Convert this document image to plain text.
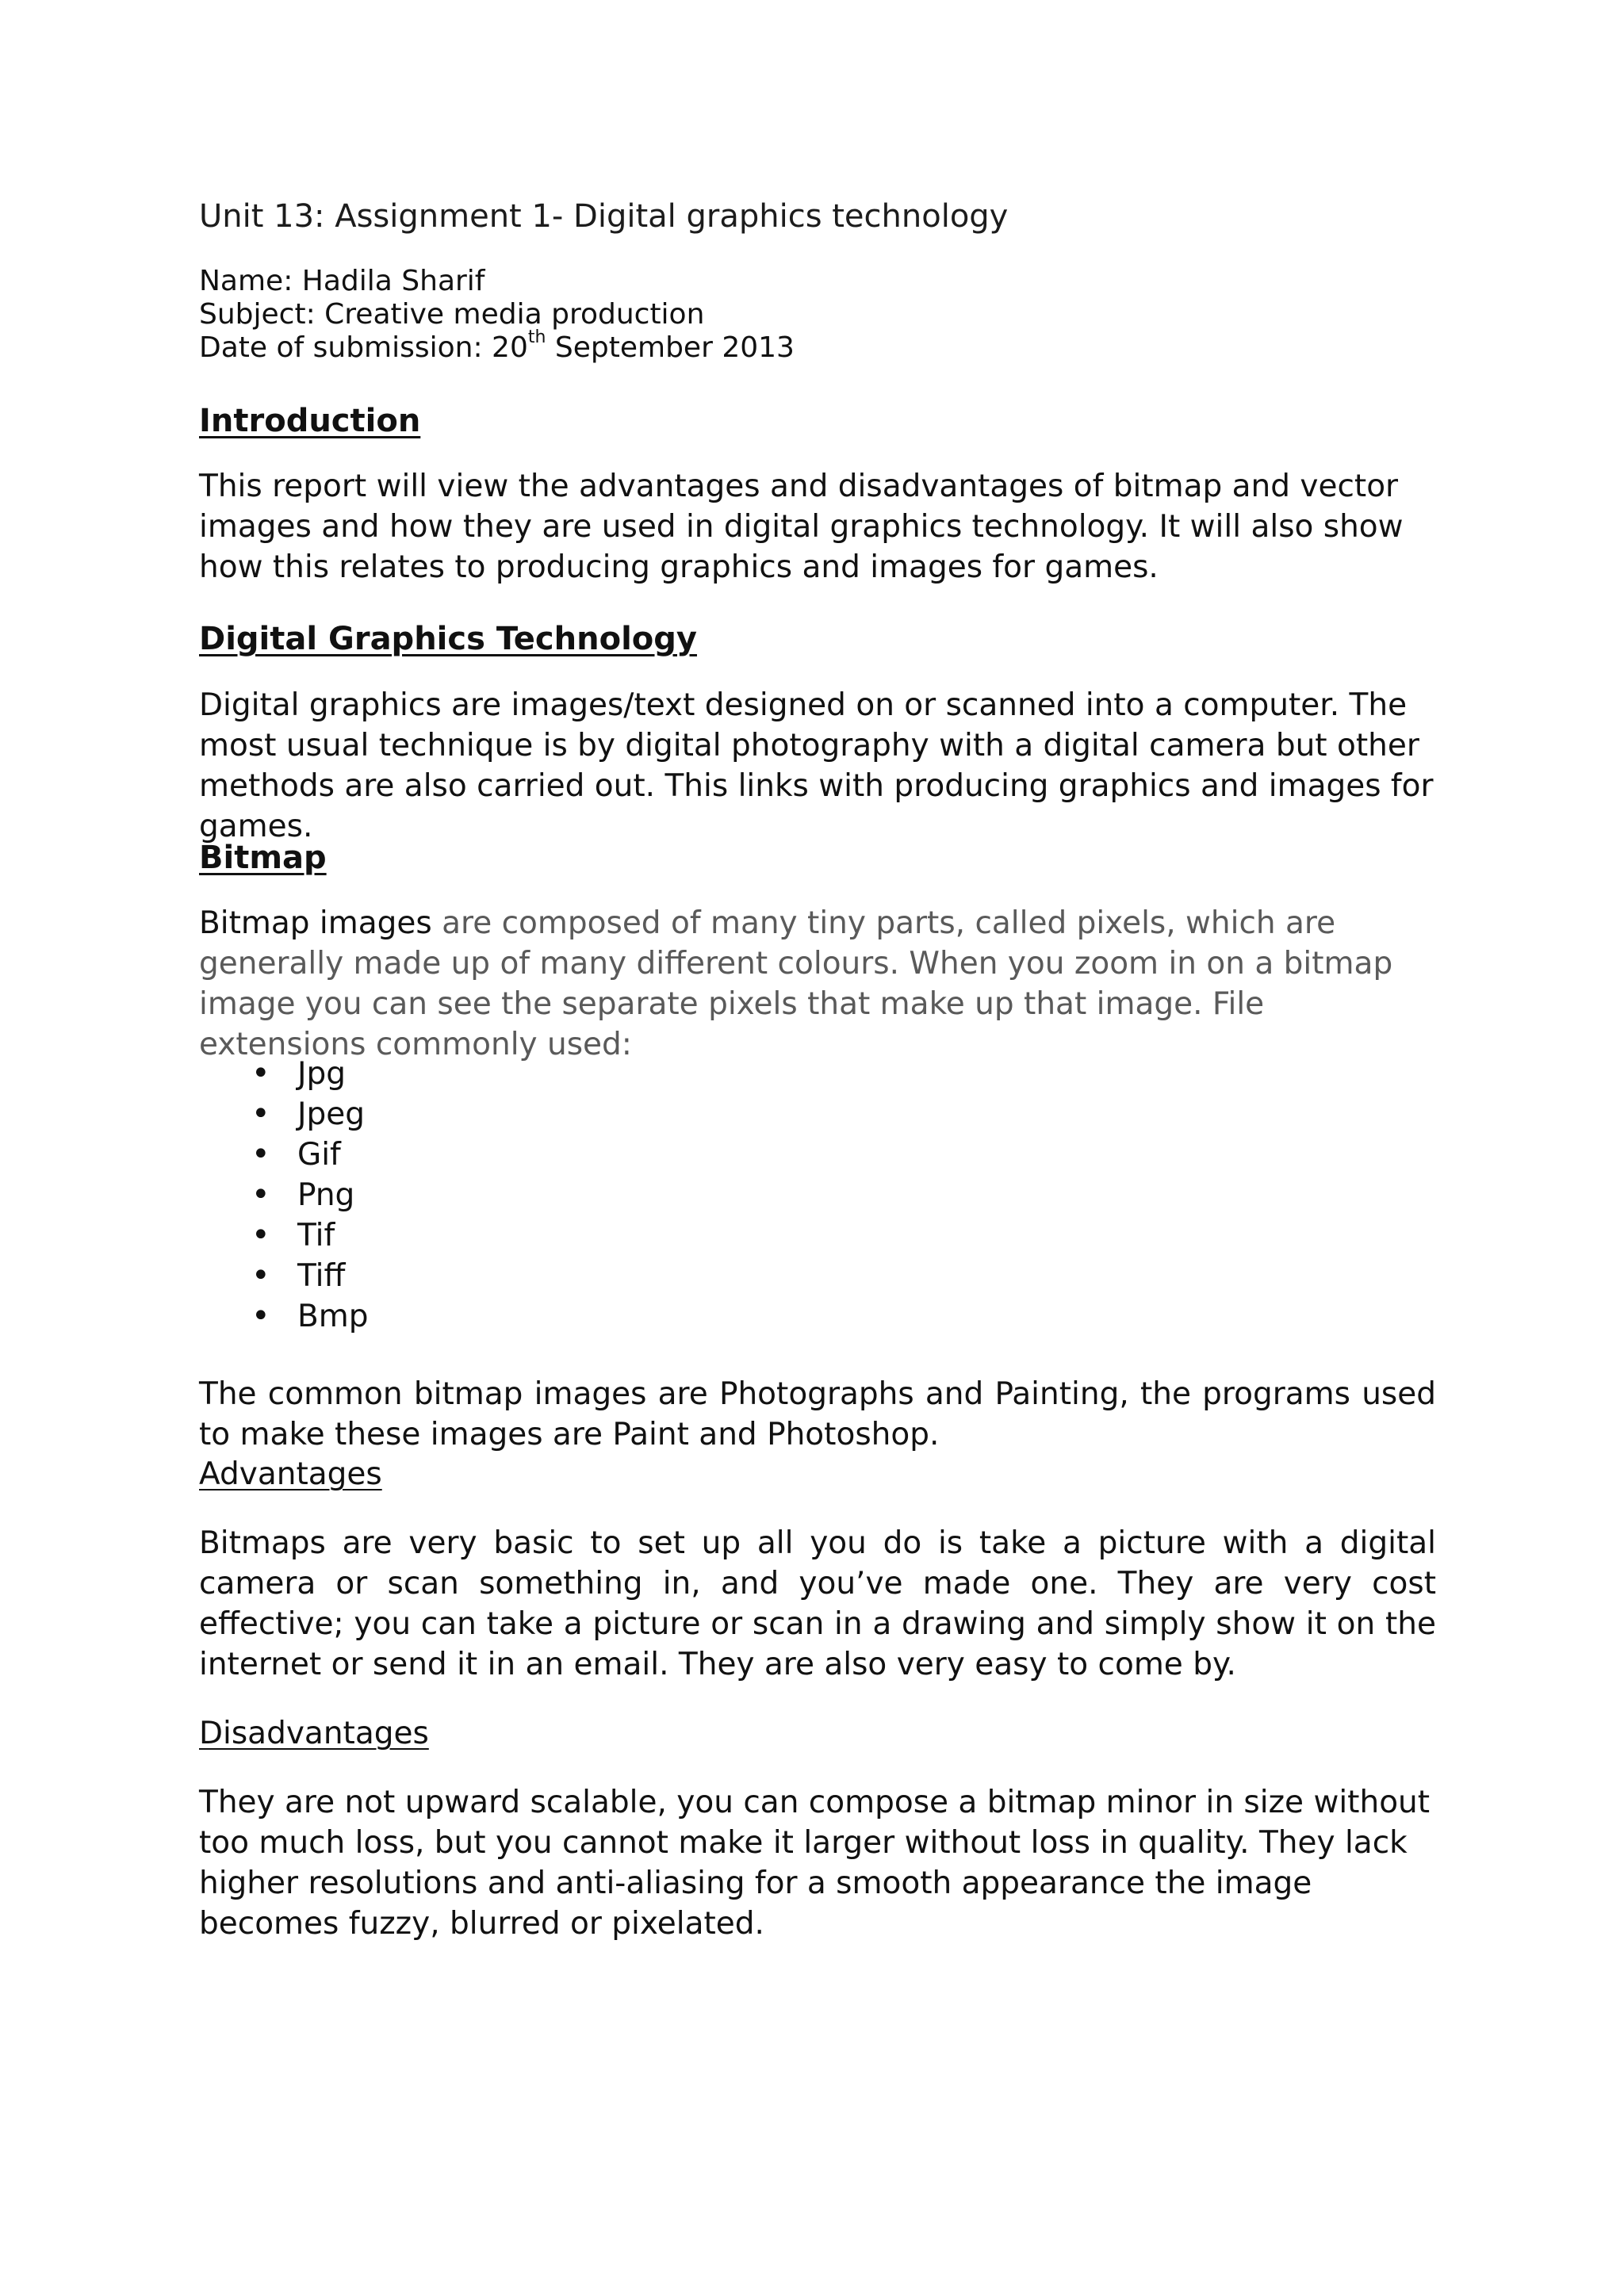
Unit 13: Assignment 1- Digital graphics technology
Name: Hadila Sharif
Subject: Creative media production
Date of submission: 20th September 2013
Introduction
This report will view the advantages and disadvantages of bitmap and vector images and how they are used in digital graphics technology. It will also show how this relates to producing graphics and images for games.
Digital Graphics Technology
Digital graphics are images/text designed on or scanned into a computer. The most usual technique is by digital photography with a digital camera but other methods are also carried out. This links with producing graphics and images for games.
Bitmap
Bitmap images are composed of many tiny parts, called pixels, which are generally made up of many different colours. When you zoom in on a bitmap image you can see the separate pixels that make up that image. File extensions commonly used:
• Jpg
• Jpeg
• Gif
• Png
• Tif
• Tiff
• Bmp
The common bitmap images are Photographs and Painting, the programs used to make these images are Paint and Photoshop.
Advantages
Bitmaps are very basic to set up all you do is take a picture with a digital camera or scan something in, and you’ve made one. They are very cost effective; you can take a picture or scan in a drawing and simply show it on the internet or send it in an email. They are also very easy to come by.
Disadvantages
They are not upward scalable, you can compose a bitmap minor in size without too much loss, but you cannot make it larger without loss in quality. They lack higher resolutions and anti-aliasing for a smooth appearance the image becomes fuzzy, blurred or pixelated.
